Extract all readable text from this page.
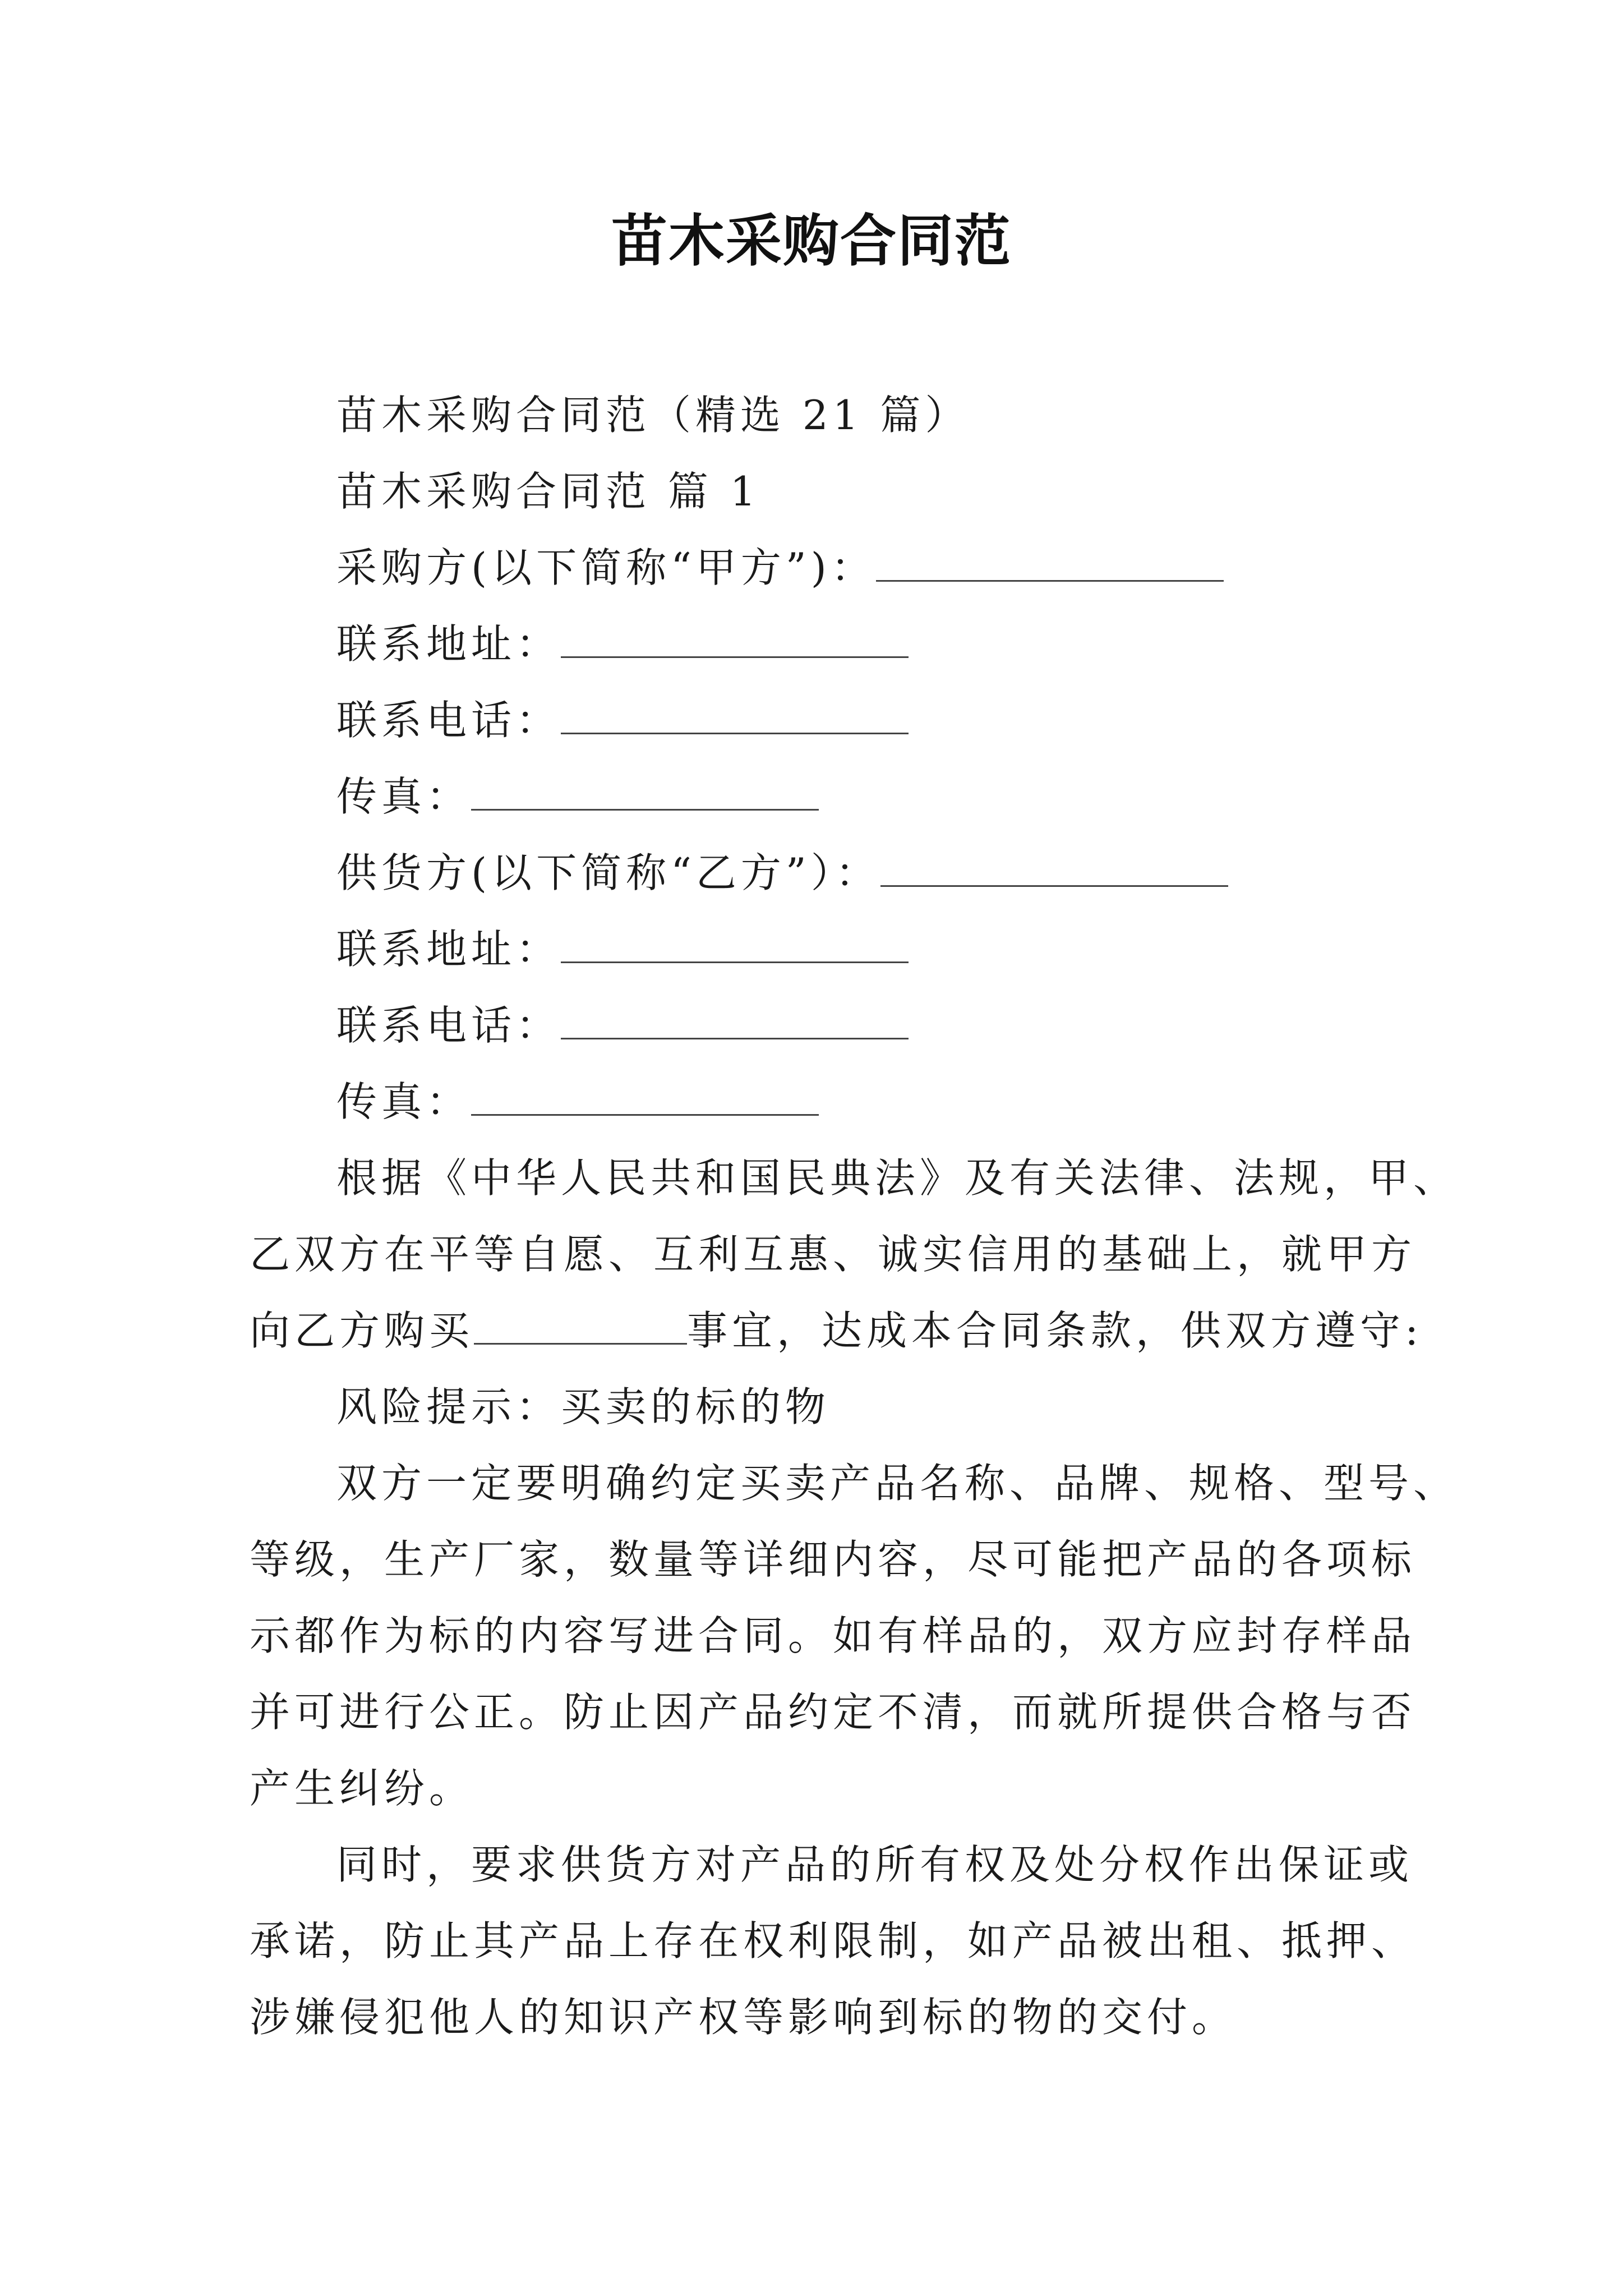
苗木采购合同范
苗木采购合同范（精选 21 篇）
苗木采购合同范 篇 1
采购方(以下简称“甲方”)：
联系地址：
联系电话：
传真：
供货方(以下简称“乙方”）：
联系地址：
联系电话：
传真：
根据《中华人民共和国民典法》及有关法律、法规，甲、
乙双方在平等自愿、互利互惠、诚实信用的基础上，就甲方
向乙方购买	事宜，达成本合同条款，供双方遵守:
风险提示：买卖的标的物
双方一定要明确约定买卖产品名称、品牌、规格、型号、
等级，生产厂家，数量等详细内容，尽可能把产品的各项标
示都作为标的内容写进合同。如有样品的，双方应封存样品
并可进行公正。防止因产品约定不清，而就所提供合格与否
产生纠纷。
同时，要求供货方对产品的所有权及处分权作出保证或
承诺，防止其产品上存在权利限制，如产品被出租、抵押、
涉嫌侵犯他人的知识产权等影响到标的物的交付。
